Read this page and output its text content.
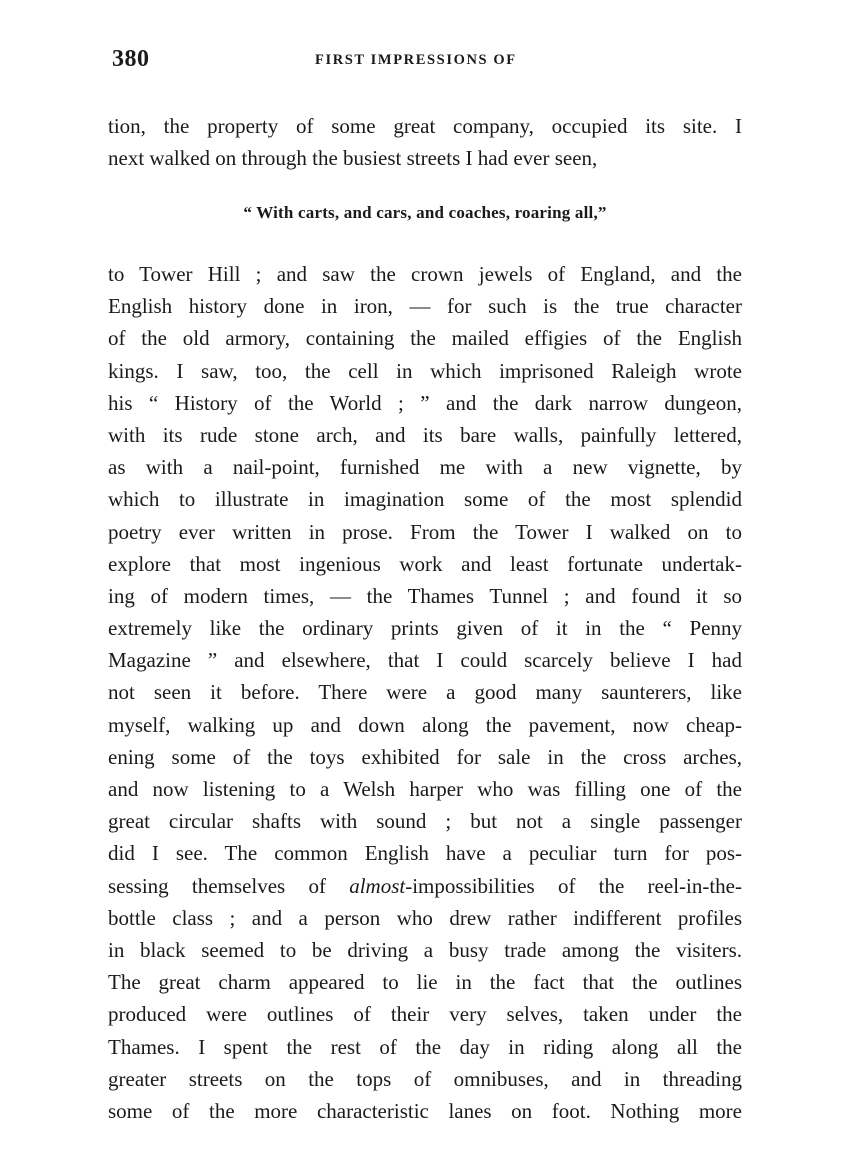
380	FIRST IMPRESSIONS OF
tion, the property of some great company, occupied its site. I
next walked on through the busiest streets I had ever seen,
“ With carts, and cars, and coaches, roaring all,”
to Tower Hill ; and saw the crown jewels of England, and the
English history done in iron, — for such is the true character
of the old armory, containing the mailed effigies of the English
kings. I saw, too, the cell in which imprisoned Raleigh wrote
his “ History of the World ; ” and the dark narrow dungeon,
with its rude stone arch, and its bare walls, painfully lettered,
as with a nail-point, furnished me with a new vignette, by
which to illustrate in imagination some of the most splendid
poetry ever written in prose. From the Tower I walked on to
explore that most ingenious work and least fortunate undertak-
ing of modern times, — the Thames Tunnel ; and found it so
extremely like the ordinary prints given of it in the “ Penny
Magazine ” and elsewhere, that I could scarcely believe I had
not seen it before. There were a good many saunterers, like
myself, walking up and down along the pavement, now cheap-
ening some of the toys exhibited for sale in the cross arches,
and now listening to a Welsh harper who was filling one of the
great circular shafts with sound ; but not a single passenger
did I see. The common English have a peculiar turn for pos-
sessing themselves of almost-impossibilities of the reel-in-the-
bottle class ; and a person who drew rather indifferent profiles
in black seemed to be driving a busy trade among the visiters.
The great charm appeared to lie in the fact that the outlines
produced were outlines of their very selves, taken under the
Thames. I spent the rest of the day in riding along all the
greater streets on the tops of omnibuses, and in threading
some of the more characteristic lanes on foot. Nothing more
